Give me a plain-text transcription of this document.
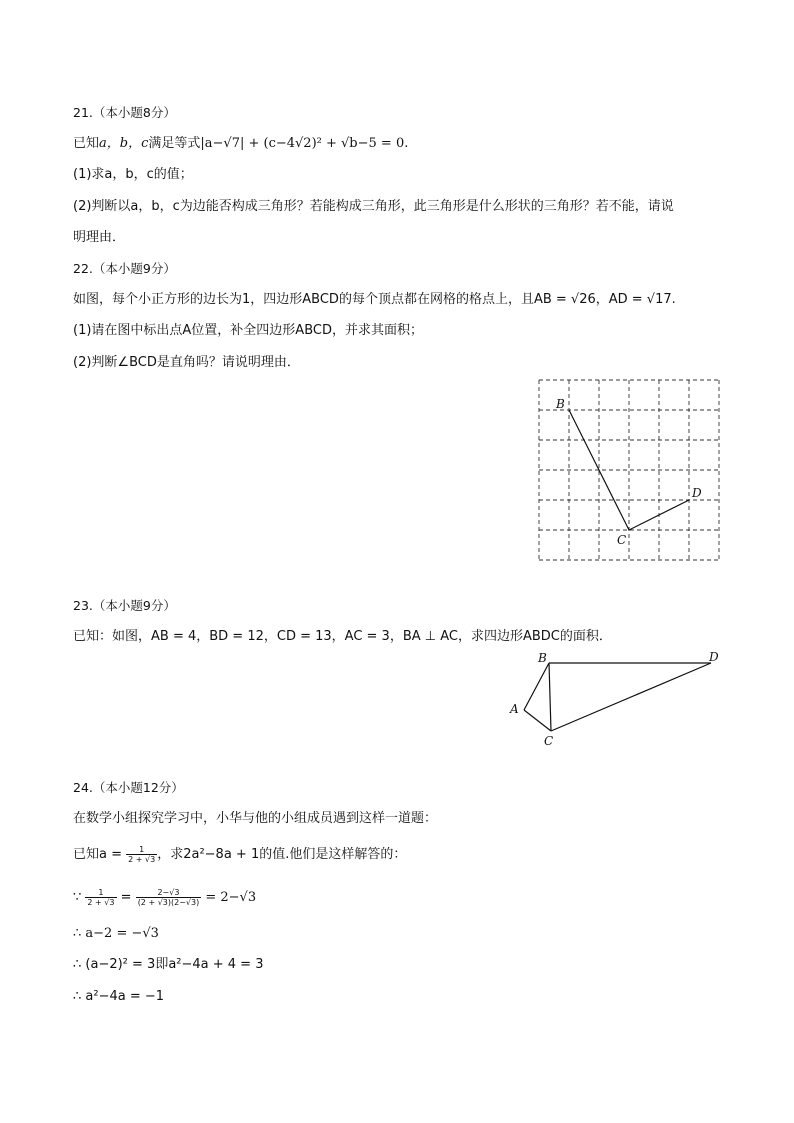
21.（本小题8分）
已知a，b，c满足等式|a−√7| + (c−4√2)² + √b−5 = 0.
(1)求a，b，c的值；
(2)判断以a，b，c为边能否构成三角形？若能构成三角形，此三角形是什么形状的三角形？若不能，请说
明理由．
22.（本小题9分）
如图，每个小正方形的边长为1，四边形ABCD的每个顶点都在网格的格点上，且AB = √26，AD = √17.
(1)请在图中标出点A位置，补全四边形ABCD，并求其面积；
(2)判断∠BCD是直角吗？请说明理由．
B
C
D
23.（本小题9分）
已知：如图，AB = 4，BD = 12，CD = 13，AC = 3，BA ⊥ AC，求四边形ABDC的面积．
B	D
A
C
24.（本小题12分）
在数学小组探究学习中，小华与他的小组成员遇到这样一道题：
已知$a = \frac{1}{2 + √3}$ ，求2a²−8a + 1的值.他们是这样解答的：
∵ $\frac{1}{2 + √3} = \frac{2-√3}{(2 + √3)(2-√3)} = 2-√3$
∴ a−2 = −√3
∴ (a−2)² = 3即a²−4a + 4 = 3
∴ a²−4a = −1
